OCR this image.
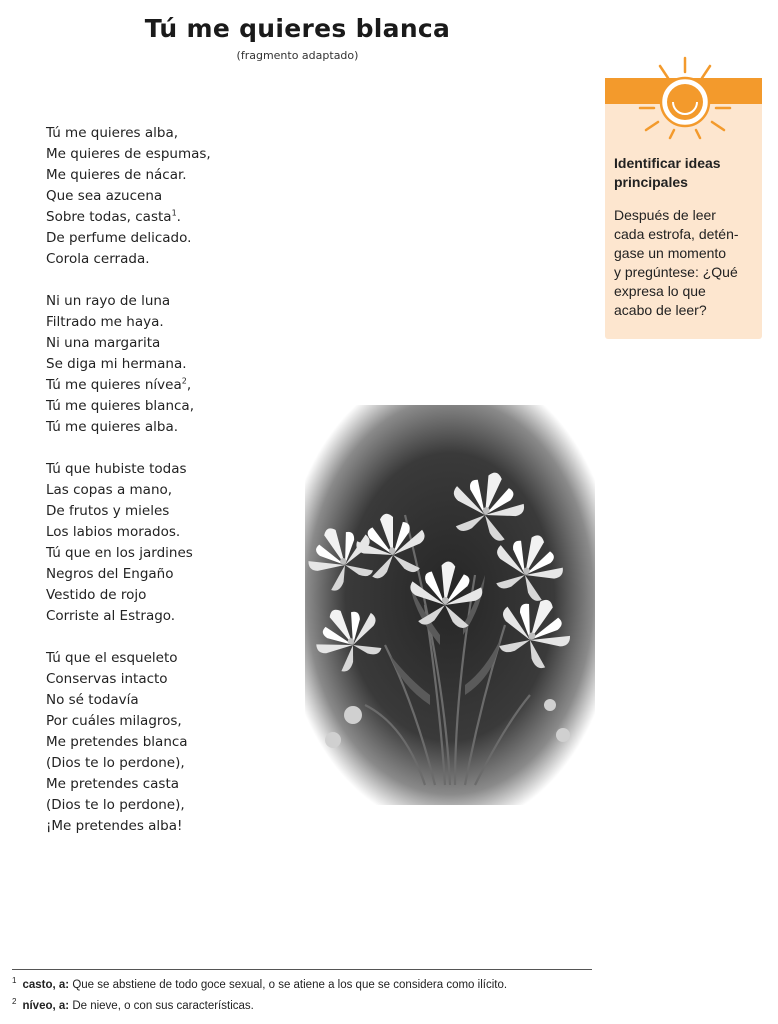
Tú me quieres blanca
(fragmento adaptado)
Tú me quieres alba,
Me quieres de espumas,
Me quieres de nácar.
Que sea azucena
Sobre todas, casta$^1$.
De perfume delicado.
Corola cerrada.
Ni un rayo de luna
Filtrado me haya.
Ni una margarita
Se diga mi hermana.
Tú me quieres nívea$^2$,
Tú me quieres blanca,
Tú me quieres alba.
Tú que hubiste todas
Las copas a mano,
De frutos y mieles
Los labios morados.
Tú que en los jardines
Negros del Engaño
Vestido de rojo
Corriste al Estrago.
Tú que el esqueleto
Conservas intacto
No sé todavía
Por cuáles milagros,
Me pretendes blanca
(Dios te lo perdone),
Me pretendes casta
(Dios te lo perdone),
¡Me pretendes alba!
Identificar ideas
principales

Después de leer
cada estrofa, detén-
gase un momento
y pregúntese: ¿Qué
expresa lo que
acabo de leer?

$^1$ casto, a: Que se abstiene de todo goce sexual, o se atiene a los que se considera como ilícito.
$^2$ níveo, a: De nieve, o con sus características.
